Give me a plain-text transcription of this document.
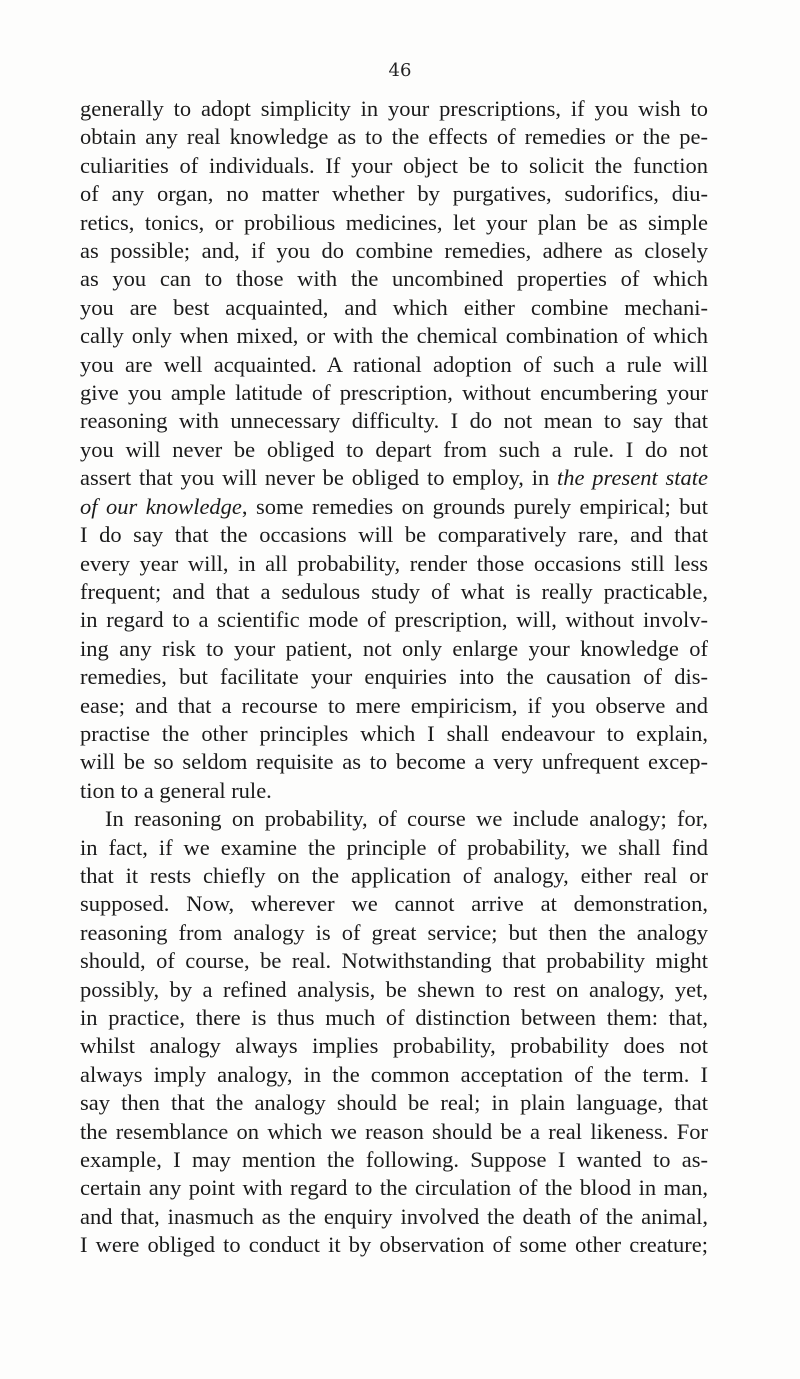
46
generally to adopt simplicity in your prescriptions, if you wish to
obtain any real knowledge as to the effects of remedies or the pe-
culiarities of individuals. If your object be to solicit the function
of any organ, no matter whether by purgatives, sudorifics, diu-
retics, tonics, or probilious medicines, let your plan be as simple
as possible; and, if you do combine remedies, adhere as closely
as you can to those with the uncombined properties of which
you are best acquainted, and which either combine mechani-
cally only when mixed, or with the chemical combination of which
you are well acquainted. A rational adoption of such a rule will
give you ample latitude of prescription, without encumbering your
reasoning with unnecessary difficulty. I do not mean to say that
you will never be obliged to depart from such a rule. I do not
assert that you will never be obliged to employ, in the present state
of our knowledge, some remedies on grounds purely empirical; but
I do say that the occasions will be comparatively rare, and that
every year will, in all probability, render those occasions still less
frequent; and that a sedulous study of what is really practicable,
in regard to a scientific mode of prescription, will, without involv-
ing any risk to your patient, not only enlarge your knowledge of
remedies, but facilitate your enquiries into the causation of dis-
ease; and that a recourse to mere empiricism, if you observe and
practise the other principles which I shall endeavour to explain,
will be so seldom requisite as to become a very unfrequent excep-
tion to a general rule.
In reasoning on probability, of course we include analogy; for,
in fact, if we examine the principle of probability, we shall find
that it rests chiefly on the application of analogy, either real or
supposed. Now, wherever we cannot arrive at demonstration,
reasoning from analogy is of great service; but then the analogy
should, of course, be real. Notwithstanding that probability might
possibly, by a refined analysis, be shewn to rest on analogy, yet,
in practice, there is thus much of distinction between them: that,
whilst analogy always implies probability, probability does not
always imply analogy, in the common acceptation of the term. I
say then that the analogy should be real; in plain language, that
the resemblance on which we reason should be a real likeness. For
example, I may mention the following. Suppose I wanted to as-
certain any point with regard to the circulation of the blood in man,
and that, inasmuch as the enquiry involved the death of the animal,
I were obliged to conduct it by observation of some other creature;
